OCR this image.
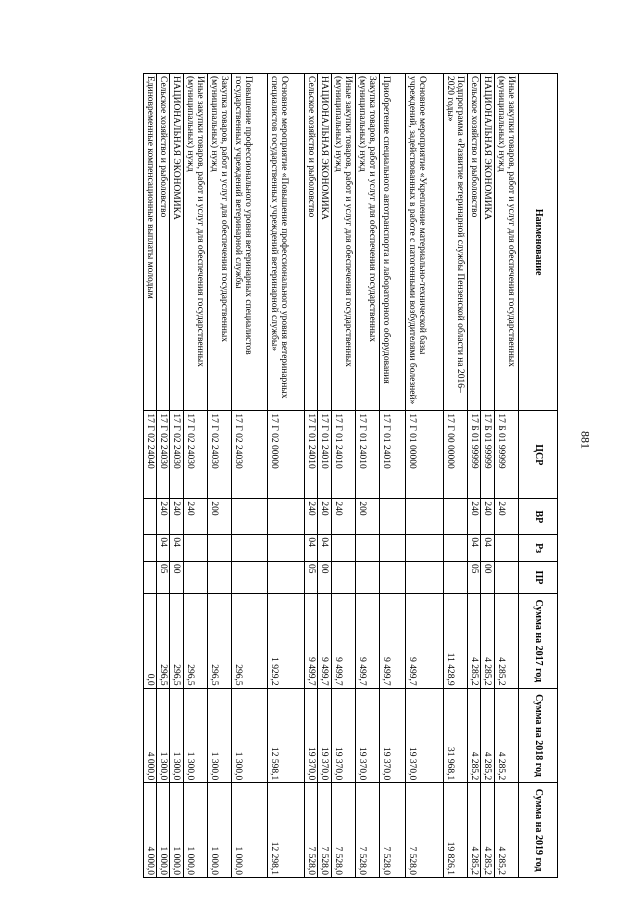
881
Наименование	ЦСР	ВР	Рз	ПР	Сумма на 2017 год	Сумма на 2018 год	Сумма на 2019 год
Иные закупки товаров, работ и услуг для обеспечения государственных (муниципальных) нужд	17 Б 01 99999	240			4 285,2	4 285,2	4 285,2
НАЦИОНАЛЬНАЯ ЭКОНОМИКА	17 Б 01 99999	240	04	00	4 285,2	4 285,2	4 285,2
Сельское хозяйство и рыболовство	17 Б 01 99999	240	04	05	4 285,2	4 285,2	4 285,2
Подпрограмма «Развитие ветеринарной службы Пензенской области на 2016–2020 годы»	17 Г 00 00000				11 428,9	31 968,1	19 826,1
Основное мероприятие «Укрепление материально-технической базы учреждений, задействованных в работе с патогенными возбудителями болезней»	17 Г 01 00000				9 499,7	19 370,0	7 528,0
Приобретение специального автотранспорта и лабораторного оборудования	17 Г 01 24010				9 499,7	19 370,0	7 528,0
Закупка товаров, работ и услуг для обеспечения государственных (муниципальных) нужд	17 Г 01 24010	200			9 499,7	19 370,0	7 528,0
Иные закупки товаров, работ и услуг для обеспечения государственных (муниципальных) нужд	17 Г 01 24010	240			9 499,7	19 370,0	7 528,0
НАЦИОНАЛЬНАЯ ЭКОНОМИКА	17 Г 01 24010	240	04	00	9 499,7	19 370,0	7 528,0
Сельское хозяйство и рыболовство	17 Г 01 24010	240	04	05	9 499,7	19 370,0	7 528,0
Основное мероприятие «Повышение профессионального уровня ветеринарных специалистов государственных учреждений ветеринарной службы»	17 Г 02 00000				1 929,2	12 598,1	12 298,1
Повышение профессионального уровня ветеринарных специалистов государственных учреждений ветеринарной службы	17 Г 02 24030				296,5	1 300,0	1 000,0
Закупка товаров, работ и услуг для обеспечения государственных (муниципальных) нужд	17 Г 02 24030	200			296,5	1 300,0	1 000,0
Иные закупки товаров, работ и услуг для обеспечения государственных (муниципальных) нужд	17 Г 02 24030	240			296,5	1 300,0	1 000,0
НАЦИОНАЛЬНАЯ ЭКОНОМИКА	17 Г 02 24030	240	04	00	296,5	1 300,0	1 000,0
Сельское хозяйство и рыболовство	17 Г 02 24030	240	04	05	296,5	1 300,0	1 000,0
Единовременные компенсационные выплаты молодым	17 Г 02 24040				0,0	4 000,0	4 000,0
